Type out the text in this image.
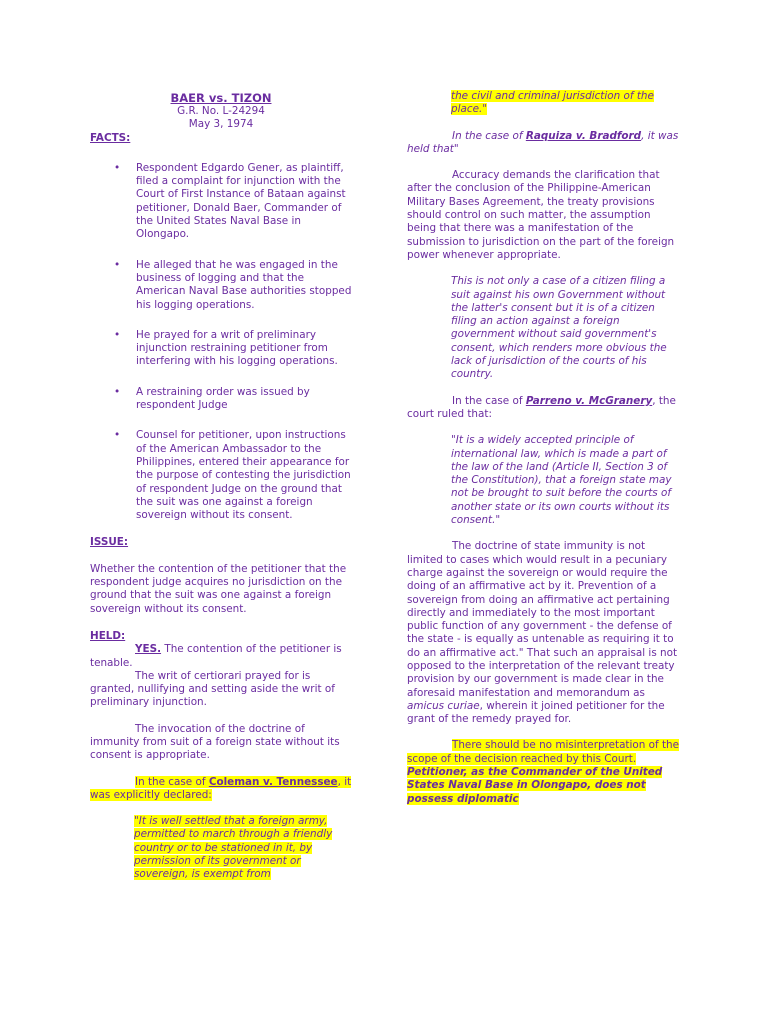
BAER vs. TIZON

G.R. No. L-24294

May 3, 1974

FACTS:

• Respondent Edgardo Gener, as plaintiff, filed a complaint for injunction with the Court of First Instance of Bataan against petitioner, Donald Baer, Commander of the United States Naval Base in Olongapo.
• He alleged that he was engaged in the business of logging and that the American Naval Base authorities stopped his logging operations.
• He prayed for a writ of preliminary injunction restraining petitioner from interfering with his logging operations.
• A restraining order was issued by respondent Judge
• Counsel for petitioner, upon instructions of the American Ambassador to the Philippines, entered their appearance for the purpose of contesting the jurisdiction of respondent Judge on the ground that the suit was one against a foreign sovereign without its consent.

ISSUE:

Whether the contention of the petitioner that the respondent judge acquires no jurisdiction on the ground that the suit was one against a foreign sovereign without its consent.

HELD:

YES. The contention of the petitioner is tenable.

The writ of certiorari prayed for is granted, nullifying and setting aside the writ of preliminary injunction.

The invocation of the doctrine of immunity from suit of a foreign state without its consent is appropriate.

In the case of Coleman v. Tennessee, it was explicitly declared:

"It is well settled that a foreign army, permitted to march through a friendly country or to be stationed in it, by permission of its government or sovereign, is exempt from

the civil and criminal jurisdiction of the place."

In the case of Raquiza v. Bradford, it was held that"

Accuracy demands the clarification that after the conclusion of the Philippine-American Military Bases Agreement, the treaty provisions should control on such matter, the assumption being that there was a manifestation of the submission to jurisdiction on the part of the foreign power whenever appropriate.

This is not only a case of a citizen filing a suit against his own Government without the latter's consent but it is of a citizen filing an action against a foreign government without said government's consent, which renders more obvious the lack of jurisdiction of the courts of his country.

In the case of Parreno v. McGranery, the court ruled that:

"It is a widely accepted principle of international law, which is made a part of the law of the land (Article II, Section 3 of the Constitution), that a foreign state may not be brought to suit before the courts of another state or its own courts without its consent."

The doctrine of state immunity is not limited to cases which would result in a pecuniary charge against the sovereign or would require the doing of an affirmative act by it. Prevention of a sovereign from doing an affirmative act pertaining directly and immediately to the most important public function of any government - the defense of the state - is equally as untenable as requiring it to do an affirmative act." That such an appraisal is not opposed to the interpretation of the relevant treaty provision by our government is made clear in the aforesaid manifestation and memorandum as amicus curiae, wherein it joined petitioner for the grant of the remedy prayed for.

There should be no misinterpretation of the scope of the decision reached by this Court. Petitioner, as the Commander of the United States Naval Base in Olongapo, does not possess diplomatic
